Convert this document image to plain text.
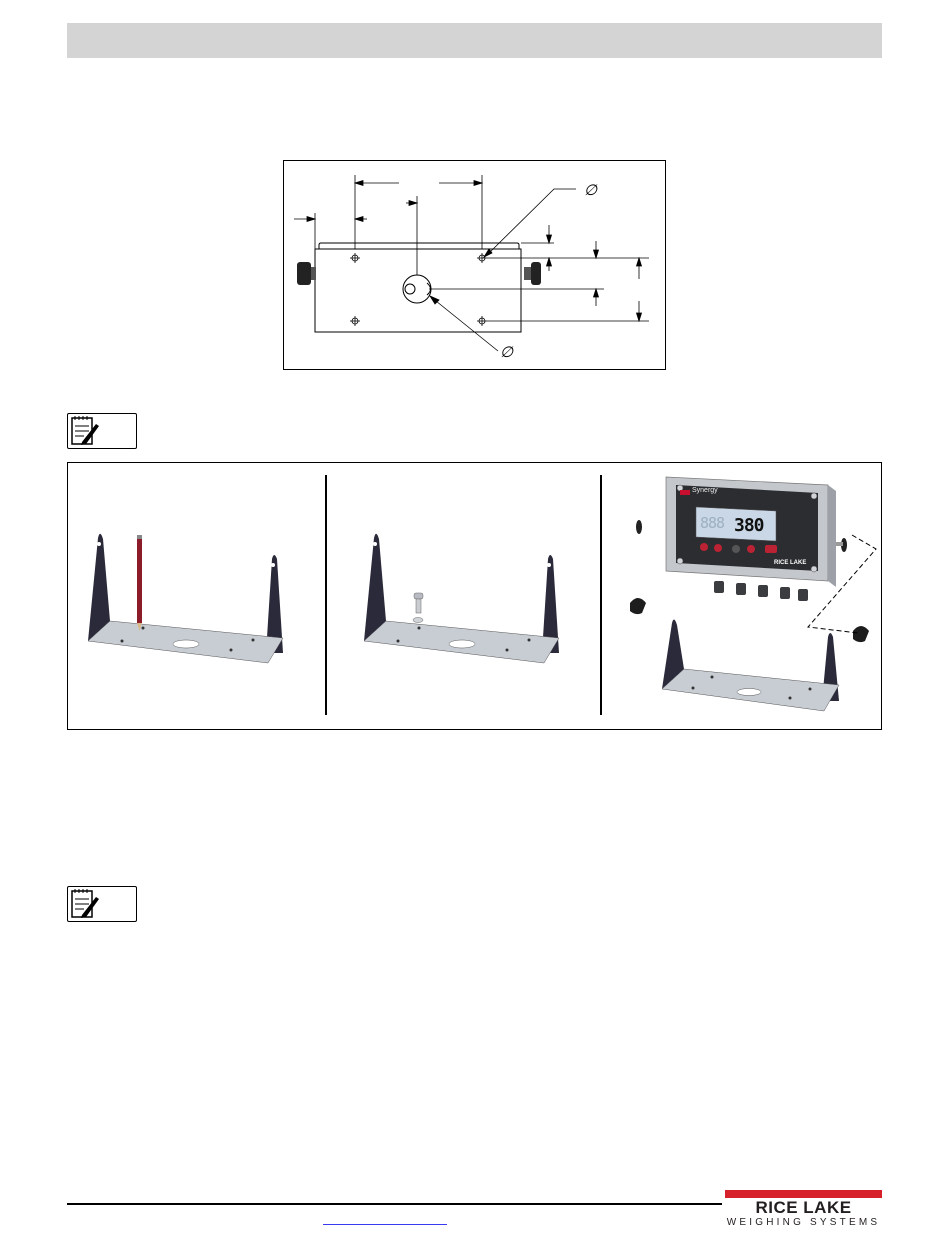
∅
∅
Synergy
888 380
RICE LAKE
RICE LAKE
WEIGHING SYSTEMS
